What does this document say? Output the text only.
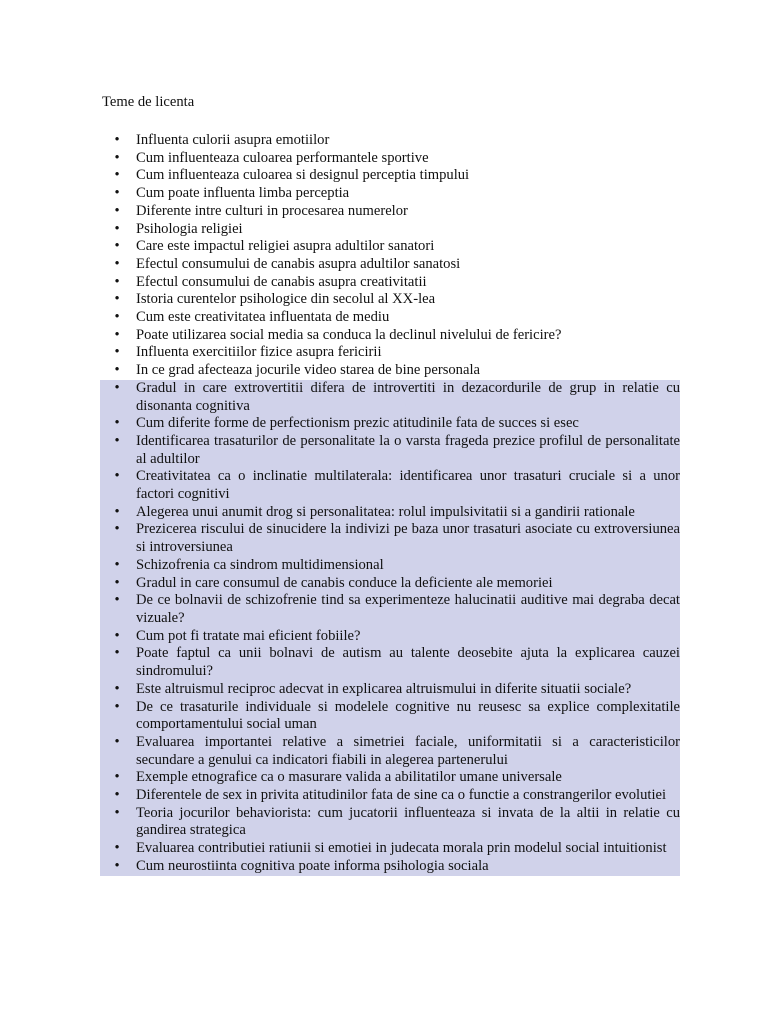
Teme de licenta
• Influenta culorii asupra emotiilor
• Cum influenteaza culoarea performantele sportive
• Cum influenteaza culoarea si designul perceptia timpului
• Cum poate influenta limba perceptia
• Diferente intre culturi in procesarea numerelor
• Psihologia religiei
• Care este impactul religiei asupra adultilor sanatori
• Efectul consumului de canabis asupra adultilor sanatosi
• Efectul consumului de canabis asupra creativitatii
• Istoria curentelor psihologice din secolul al XX-lea
• Cum este creativitatea influentata de mediu
• Poate utilizarea social media sa conduca la declinul nivelului de fericire?
• Influenta exercitiilor fizice asupra fericirii
• In ce grad afecteaza jocurile video starea de bine personala
• Gradul in care extrovertitii difera de introvertiti in dezacordurile de grup in relatie cu disonanta cognitiva
• Cum diferite forme de perfectionism prezic atitudinile fata de succes si esec
• Identificarea trasaturilor de personalitate la o varsta frageda prezice profilul de personalitate al adultilor
• Creativitatea ca o inclinatie multilaterala: identificarea unor trasaturi cruciale si a unor factori cognitivi
• Alegerea unui anumit drog si personalitatea: rolul impulsivitatii si a gandirii rationale
• Prezicerea riscului de sinucidere la indivizi pe baza unor trasaturi asociate cu extroversiunea si introversiunea
• Schizofrenia ca sindrom multidimensional
• Gradul in care consumul de canabis conduce la deficiente ale memoriei
• De ce bolnavii de schizofrenie tind sa experimenteze halucinatii auditive mai degraba decat vizuale?
• Cum pot fi tratate mai eficient fobiile?
• Poate faptul ca unii bolnavi de autism au talente deosebite ajuta la explicarea cauzei sindromului?
• Este altruismul reciproc adecvat in explicarea altruismului in diferite situatii sociale?
• De ce trasaturile individuale si modelele cognitive nu reusesc sa explice complexitatile comportamentului social uman
• Evaluarea importantei relative a simetriei faciale, uniformitatii si a caracteristicilor secundare a genului ca indicatori fiabili in alegerea partenerului
• Exemple etnografice ca o masurare valida a abilitatilor umane universale
• Diferentele de sex in privita atitudinilor fata de sine ca o functie a constrangerilor evolutiei
• Teoria jocurilor behaviorista: cum jucatorii influenteaza si invata de la altii in relatie cu gandirea strategica
• Evaluarea contributiei ratiunii si emotiei in judecata morala prin modelul social intuitionist
• Cum neurostiinta cognitiva poate informa psihologia sociala
